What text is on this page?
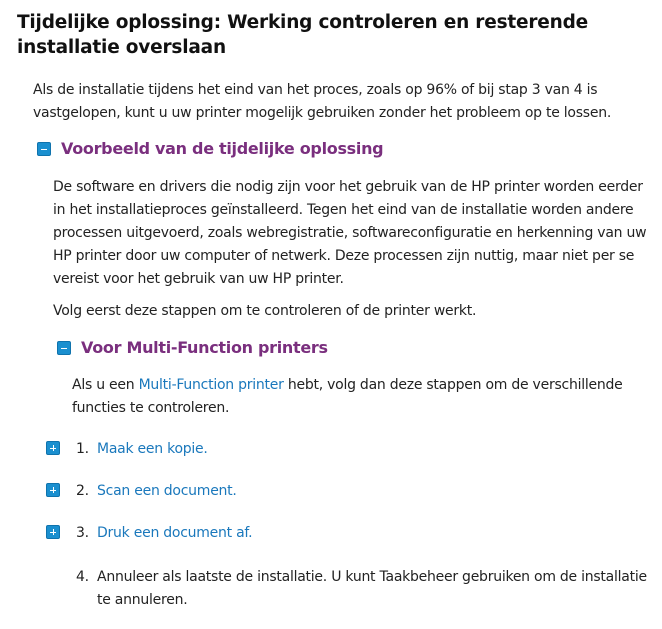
Tijdelijke oplossing: Werking controleren en resterende installatie overslaan

Als de installatie tijdens het eind van het proces, zoals op 96% of bij stap 3 van 4 is vastgelopen, kunt u uw printer mogelijk gebruiken zonder het probleem op te lossen.

Voorbeeld van de tijdelijke oplossing

De software en drivers die nodig zijn voor het gebruik van de HP printer worden eerder in het installatieproces geïnstalleerd. Tegen het eind van de installatie worden andere processen uitgevoerd, zoals webregistratie, softwareconfiguratie en herkenning van uw HP printer door uw computer of netwerk. Deze processen zijn nuttig, maar niet per se vereist voor het gebruik van uw HP printer.

Volg eerst deze stappen om te controleren of de printer werkt.

Voor Multi-Function printers

Als u een Multi-Function printer hebt, volg dan deze stappen om de verschillende functies te controleren.

1. Maak een kopie.
2. Scan een document.
3. Druk een document af.
4. Annuleer als laatste de installatie. U kunt Taakbeheer gebruiken om de installatie te annuleren.
